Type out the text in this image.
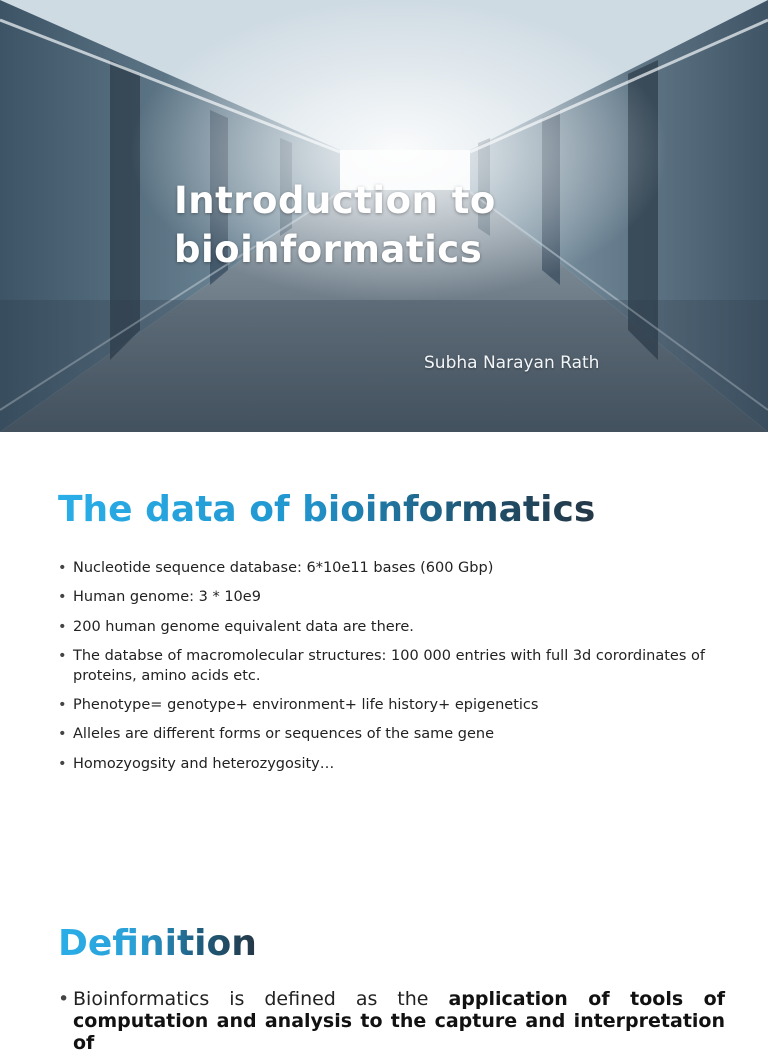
Introduction to
bioinformatics
Subha Narayan Rath
The data of bioinformatics
• Nucleotide sequence database: 6*10e11 bases (600 Gbp)
• Human genome: 3 * 10e9
• 200 human genome equivalent data are there.
• The databse of macromolecular structures: 100 000 entries with full 3d corordinates of proteins, amino acids etc.
• Phenotype= genotype+ environment+ life history+ epigenetics
• Alleles are different forms or sequences of the same gene
• Homozyogsity and heterozygosity…
Definition

• Bioinformatics is defined as the application of tools of computation and analysis to the capture and interpretation of
